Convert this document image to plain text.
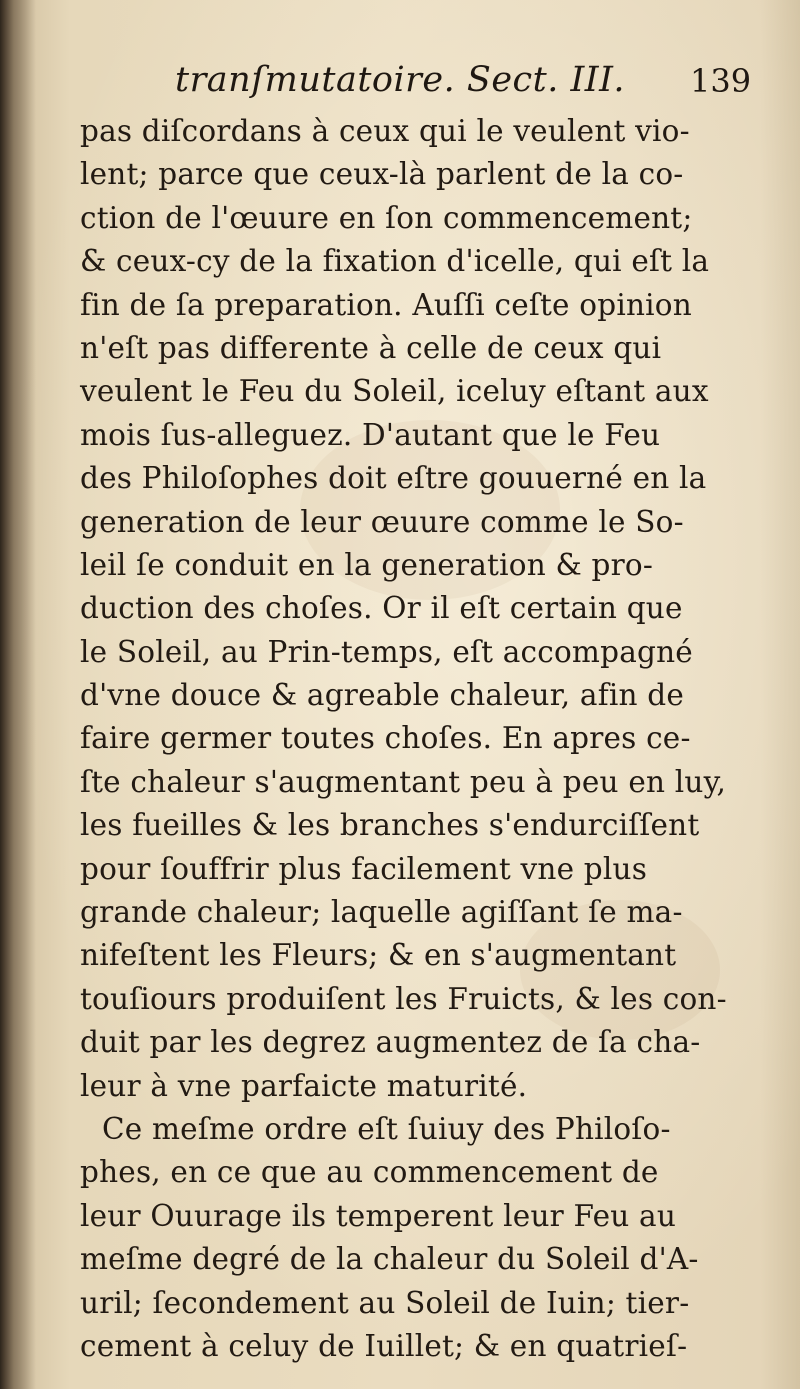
tranſmutatoire. Sect. III. 139
pas diſcordans à ceux qui le veulent vio-
lent; parce que ceux-là parlent de la co-
ction de l'œuure en ſon commencement;
& ceux-cy de la fixation d'icelle, qui eſt la
fin de ſa preparation. Auſſi ceſte opinion
n'eſt pas differente à celle de ceux qui
veulent le Feu du Soleil, iceluy eſtant aux
mois ſus-alleguez. D'autant que le Feu
des Philoſophes doit eſtre gouuerné en la
generation de leur œuure comme le So-
leil ſe conduit en la generation & pro-
duction des choſes. Or il eſt certain que
le Soleil, au Prin-temps, eſt accompagné
d'vne douce & agreable chaleur, afin de
faire germer toutes choſes. En apres ce-
ſte chaleur s'augmentant peu à peu en luy,
les fueilles & les branches s'endurciſſent
pour ſouffrir plus facilement vne plus
grande chaleur; laquelle agiſſant ſe ma-
nifeſtent les Fleurs; & en s'augmentant
touſiours produiſent les Fruicts, & les con-
duit par les degrez augmentez de ſa cha-
leur à vne parfaicte maturité.
Ce meſme ordre eſt ſuiuy des Philoſo-
phes, en ce que au commencement de
leur Ouurage ils temperent leur Feu au
meſme degré de la chaleur du Soleil d'A-
uril; ſecondement au Soleil de Iuin; tier-
cement à celuy de Iuillet; & en quatrieſ-
